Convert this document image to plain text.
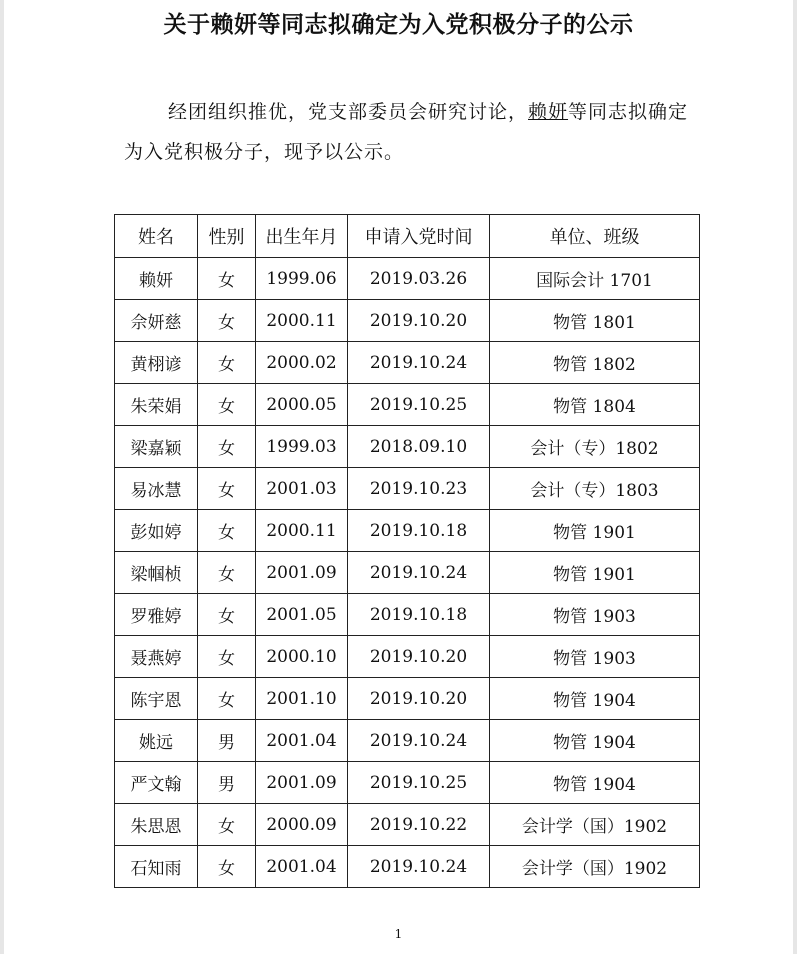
关于赖妍等同志拟确定为入党积极分子的公示
经团组织推优，党支部委员会研究讨论，赖妍等同志拟确定为入党积极分子，现予以公示。
姓名	性别	出生年月	申请入党时间	单位、班级
赖妍	女	1999.06	2019.03.26	国际会计 1701
佘妍慈	女	2000.11	2019.10.20	物管 1801
黄栩谚	女	2000.02	2019.10.24	物管 1802
朱荣娟	女	2000.05	2019.10.25	物管 1804
梁嘉颖	女	1999.03	2018.09.10	会计（专）1802
易冰慧	女	2001.03	2019.10.23	会计（专）1803
彭如婷	女	2000.11	2019.10.18	物管 1901
梁帼桢	女	2001.09	2019.10.24	物管 1901
罗雅婷	女	2001.05	2019.10.18	物管 1903
聂燕婷	女	2000.10	2019.10.20	物管 1903
陈宇恩	女	2001.10	2019.10.20	物管 1904
姚远	男	2001.04	2019.10.24	物管 1904
严文翰	男	2001.09	2019.10.25	物管 1904
朱思恩	女	2000.09	2019.10.22	会计学（国）1902
石知雨	女	2001.04	2019.10.24	会计学（国）1902
1
